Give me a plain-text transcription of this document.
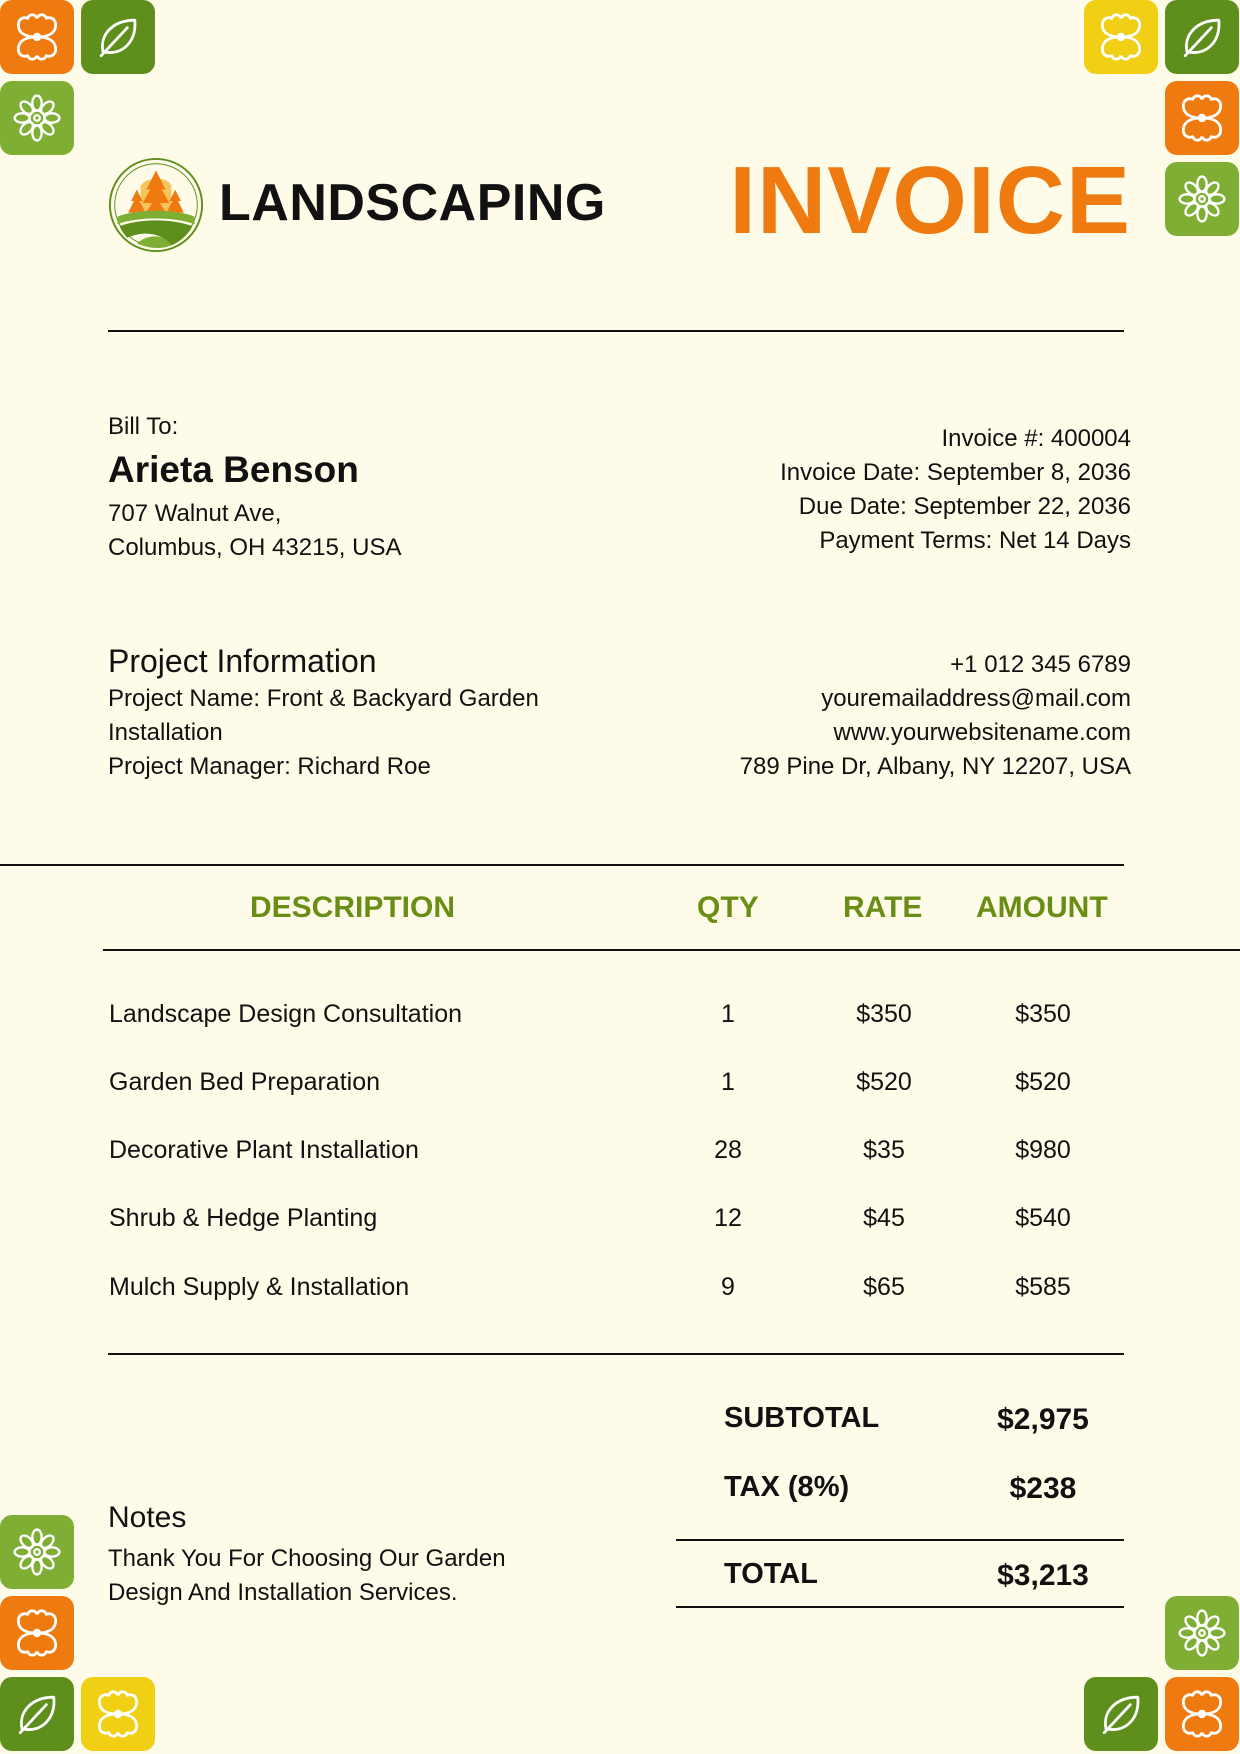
LANDSCAPING INVOICE
Bill To:
Arieta Benson
707 Walnut Ave,
Columbus, OH 43215, USA
Invoice #: 400004
Invoice Date: September 8, 2036
Due Date: September 22, 2036
Payment Terms: Net 14 Days
Project Information
Project Name: Front & Backyard Garden
Installation
Project Manager: Richard Roe
+1 012 345 6789
youremailaddress@mail.com
www.yourwebsitename.com
789 Pine Dr, Albany, NY 12207, USA
DESCRIPTION	QTY	RATE AMOUNT
Landscape Design Consultation	1	$350	$350
Garden Bed Preparation	1	$520	$520
Decorative Plant Installation	28	$35	$980
Shrub & Hedge Planting	12	$45	$540
Mulch Supply & Installation	9	$65	$585
SUBTOTAL	$2,975
TAX (8%)	$238
TOTAL	$3,213
Notes
Thank You For Choosing Our Garden
Design And Installation Services.
